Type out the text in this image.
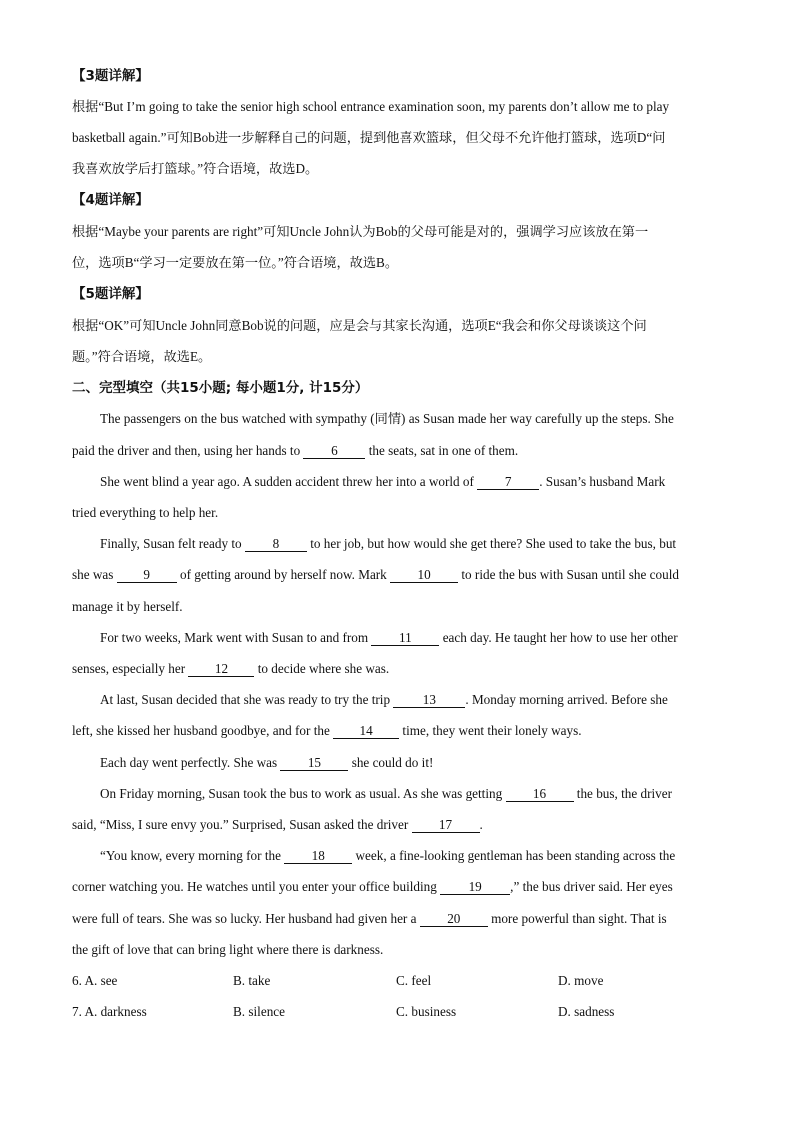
【3题详解】
根据“But I’m going to take the senior high school entrance examination soon, my parents don’t allow me to play
basketball again.”可知Bob进一步解释自己的问题，提到他喜欢篮球，但父母不允许他打篮球，选项D“问
我喜欢放学后打篮球。”符合语境，故选D。
【4题详解】
根据“Maybe your parents are right”可知Uncle John认为Bob的父母可能是对的，强调学习应该放在第一
位，选项B“学习一定要放在第一位。”符合语境，故选B。
【5题详解】
根据“OK”可知Uncle John同意Bob说的问题，应是会与其家长沟通，选项E“我会和你父母谈谈这个问
题。”符合语境，故选E。
二、完型填空（共15小题; 每小题1分, 计15分）
The passengers on the bus watched with sympathy (同情) as Susan made her way carefully up the steps. She
paid the driver and then, using her hands to 6 the seats, sat in one of them.
She went blind a year ago. A sudden accident threw her into a world of 7 . Susan’s husband Mark
tried everything to help her.
Finally, Susan felt ready to 8 to her job, but how would she get there? She used to take the bus, but
she was 9 of getting around by herself now. Mark 10 to ride the bus with Susan until she could
manage it by herself.
For two weeks, Mark went with Susan to and from 11 each day. He taught her how to use her other
senses, especially her 12 to decide where she was.
At last, Susan decided that she was ready to try the trip 13 . Monday morning arrived. Before she
left, she kissed her husband goodbye, and for the 14 time, they went their lonely ways.
Each day went perfectly. She was 15 she could do it!
On Friday morning, Susan took the bus to work as usual. As she was getting 16 the bus, the driver
said, “Miss, I sure envy you.” Surprised, Susan asked the driver 17 .
“You know, every morning for the 18 week, a fine-looking gentleman has been standing across the
corner watching you. He watches until you enter your office building 19 ,” the bus driver said. Her eyes
were full of tears. She was so lucky. Her husband had given her a 20 more powerful than sight. That is
the gift of love that can bring light where there is darkness.
6. A. see	B. take	C. feel	D. move
7. A. darkness	B. silence	C. business	D. sadness
